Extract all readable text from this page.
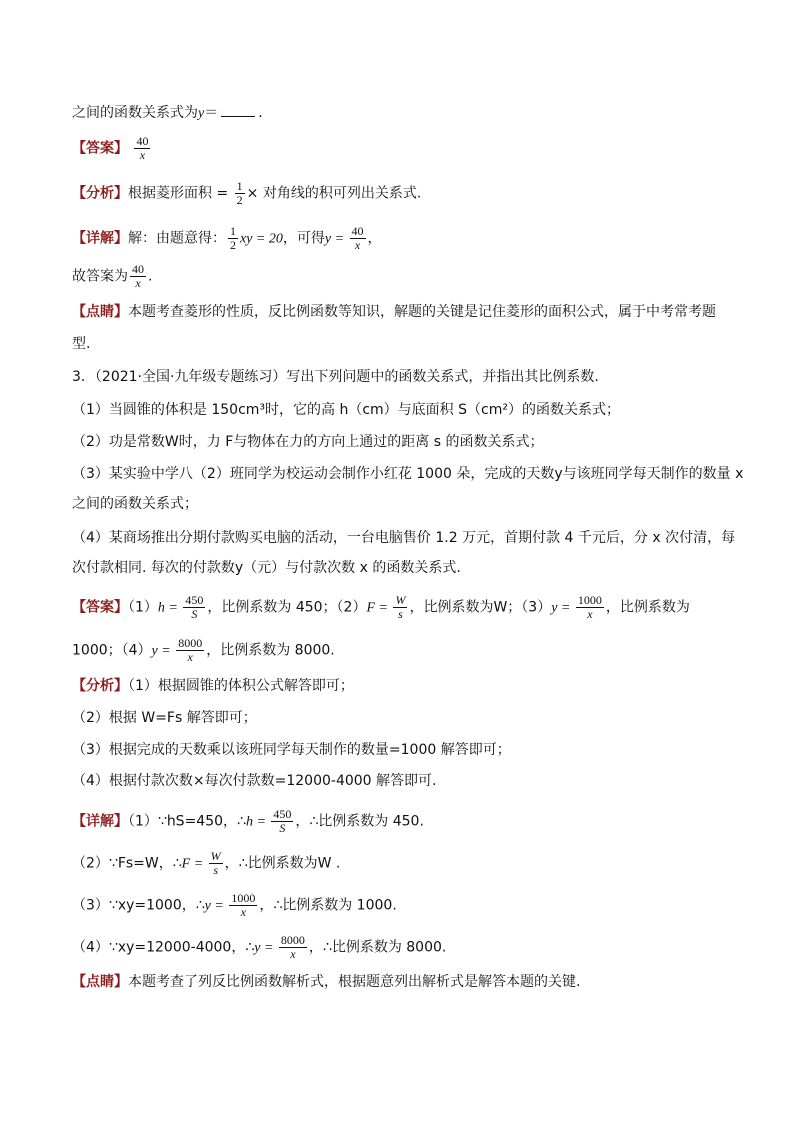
之间的函数关系式为y＝	.
【答案】 $\frac{40}{x}$
【分析】根据菱形面积 = $\frac{1}{2}$ × 对角线的积可列出关系式.
【详解】解：由题意得： $\frac{1}{2}$ xy = 20，可得$y = \frac{40}{x}$ ，
故答案为 $\frac{40}{x}$ .
【点睛】本题考查菱形的性质，反比例函数等知识，解题的关键是记住菱形的面积公式，属于中考常考题
型.
3．（2021·全国·九年级专题练习）写出下列问题中的函数关系式，并指出其比例系数.
（1）当圆锥的体积是 150cm³时，它的高 h（cm）与底面积 S（cm²）的函数关系式；
（2）功是常数W时，力 F与物体在力的方向上通过的距离 s 的函数关系式；
（3）某实验中学八（2）班同学为校运动会制作小红花 1000 朵，完成的天数y与该班同学每天制作的数量 x
之间的函数关系式；
（4）某商场推出分期付款购买电脑的活动，一台电脑售价 1.2 万元，首期付款 4 千元后，分 x 次付清，每
次付款相同. 每次的付款数y（元）与付款次数 x 的函数关系式.
【答案】$(1)h = \frac{450}{S}$ ，比例系数为 450；$(2)F = \frac{W}{s}$ ，比例系数为W；$(3)y = \frac{1000}{x}$ ，比例系数为
1000；$(4)y = \frac{8000}{x}$ ，比例系数为 8000.
【分析】（1）根据圆锥的体积公式解答即可；
（2）根据 W=Fs 解答即可；
（3）根据完成的天数乘以该班同学每天制作的数量=1000 解答即可；
（4）根据付款次数×每次付款数=12000-4000 解答即可.
【详解】（1）∵hS=450，∴h = $\frac{450}{S}$ ，∴比例系数为 450.
（2）∵Fs=W，∴F = $\frac{W}{s}$ ，∴比例系数为W .
（3）∵xy=1000，∴y = $\frac{1000}{x}$ ，∴比例系数为 1000.
（4）∵xy=12000-4000，∴y = $\frac{8000}{x}$ ，∴比例系数为 8000.
【点睛】本题考查了列反比例函数解析式，根据题意列出解析式是解答本题的关键.
